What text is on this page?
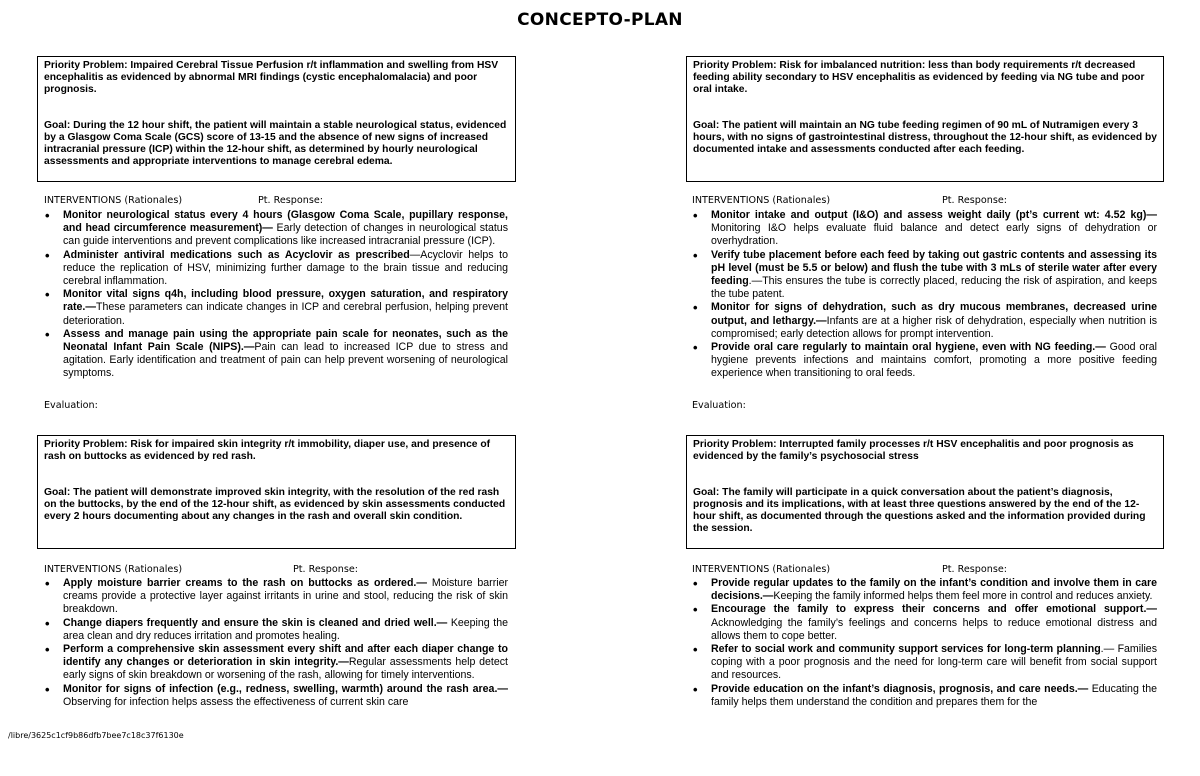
CONCEPTO-PLAN

Priority Problem: Impaired Cerebral Tissue Perfusion r/t inflammation and swelling from HSV encephalitis as evidenced by abnormal MRI findings (cystic encephalomalacia) and poor prognosis.

Goal: During the 12 hour shift, the patient will maintain a stable neurological status, evidenced by a Glasgow Coma Scale (GCS) score of 13-15 and the absence of new signs of increased intracranial pressure (ICP) within the 12-hour shift, as determined by hourly neurological assessments and appropriate interventions to manage cerebral edema.

INTERVENTIONS (Rationales)	Pt. Response:
• Monitor neurological status every 4 hours (Glasgow Coma Scale, pupillary response, and head circumference measurement)— Early detection of changes in neurological status can guide interventions and prevent complications like increased intracranial pressure (ICP).
• Administer antiviral medications such as Acyclovir as prescribed—Acyclovir helps to reduce the replication of HSV, minimizing further damage to the brain tissue and reducing cerebral inflammation.
• Monitor vital signs q4h, including blood pressure, oxygen saturation, and respiratory rate.—These parameters can indicate changes in ICP and cerebral perfusion, helping prevent deterioration.
• Assess and manage pain using the appropriate pain scale for neonates, such as the Neonatal Infant Pain Scale (NIPS).—Pain can lead to increased ICP due to stress and agitation. Early identification and treatment of pain can help prevent worsening of neurological symptoms.
Evaluation:

Priority Problem: Risk for imbalanced nutrition: less than body requirements r/t decreased feeding ability secondary to HSV encephalitis as evidenced by feeding via NG tube and poor oral intake.

Goal: The patient will maintain an NG tube feeding regimen of 90 mL of Nutramigen every 3 hours, with no signs of gastrointestinal distress, throughout the 12-hour shift, as evidenced by documented intake and assessments conducted after each feeding.

INTERVENTIONS (Rationales)	Pt. Response:
• Monitor intake and output (I&O) and assess weight daily (pt’s current wt: 4.52 kg)—Monitoring I&O helps evaluate fluid balance and detect early signs of dehydration or overhydration.
• Verify tube placement before each feed by taking out gastric contents and assessing its pH level (must be 5.5 or below) and flush the tube with 3 mLs of sterile water after every feeding.—This ensures the tube is correctly placed, reducing the risk of aspiration, and keeps the tube patent.
• Monitor for signs of dehydration, such as dry mucous membranes, decreased urine output, and lethargy.—Infants are at a higher risk of dehydration, especially when nutrition is compromised; early detection allows for prompt intervention.
• Provide oral care regularly to maintain oral hygiene, even with NG feeding.— Good oral hygiene prevents infections and maintains comfort, promoting a more positive feeding experience when transitioning to oral feeds.
Evaluation:

Priority Problem: Risk for impaired skin integrity r/t immobility, diaper use, and presence of rash on buttocks as evidenced by red rash.

Goal: The patient will demonstrate improved skin integrity, with the resolution of the red rash on the buttocks, by the end of the 12-hour shift, as evidenced by skin assessments conducted every 2 hours documenting about any changes in the rash and overall skin condition.

INTERVENTIONS (Rationales)	Pt. Response:
• Apply moisture barrier creams to the rash on buttocks as ordered.— Moisture barrier creams provide a protective layer against irritants in urine and stool, reducing the risk of skin breakdown.
• Change diapers frequently and ensure the skin is cleaned and dried well.— Keeping the area clean and dry reduces irritation and promotes healing.
• Perform a comprehensive skin assessment every shift and after each diaper change to identify any changes or deterioration in skin integrity.—Regular assessments help detect early signs of skin breakdown or worsening of the rash, allowing for timely interventions.
• Monitor for signs of infection (e.g., redness, swelling, warmth) around the rash area.—Observing for infection helps assess the effectiveness of current skin care

Priority Problem: Interrupted family processes r/t HSV encephalitis and poor prognosis as evidenced by the family’s psychosocial stress

Goal: The family will participate in a quick conversation about the patient’s diagnosis, prognosis and its implications, with at least three questions answered by the end of the 12-hour shift, as documented through the questions asked and the information provided during the session.

INTERVENTIONS (Rationales)	Pt. Response:
• Provide regular updates to the family on the infant’s condition and involve them in care decisions.—Keeping the family informed helps them feel more in control and reduces anxiety.
• Encourage the family to express their concerns and offer emotional support.— Acknowledging the family’s feelings and concerns helps to reduce emotional distress and allows them to cope better.
• Refer to social work and community support services for long-term planning.— Families coping with a poor prognosis and the need for long-term care will benefit from social support and resources.
• Provide education on the infant’s diagnosis, prognosis, and care needs.— Educating the family helps them understand the condition and prepares them for the
/libre/3625c1cf9b86dfb7bee7c18c37f6130e
